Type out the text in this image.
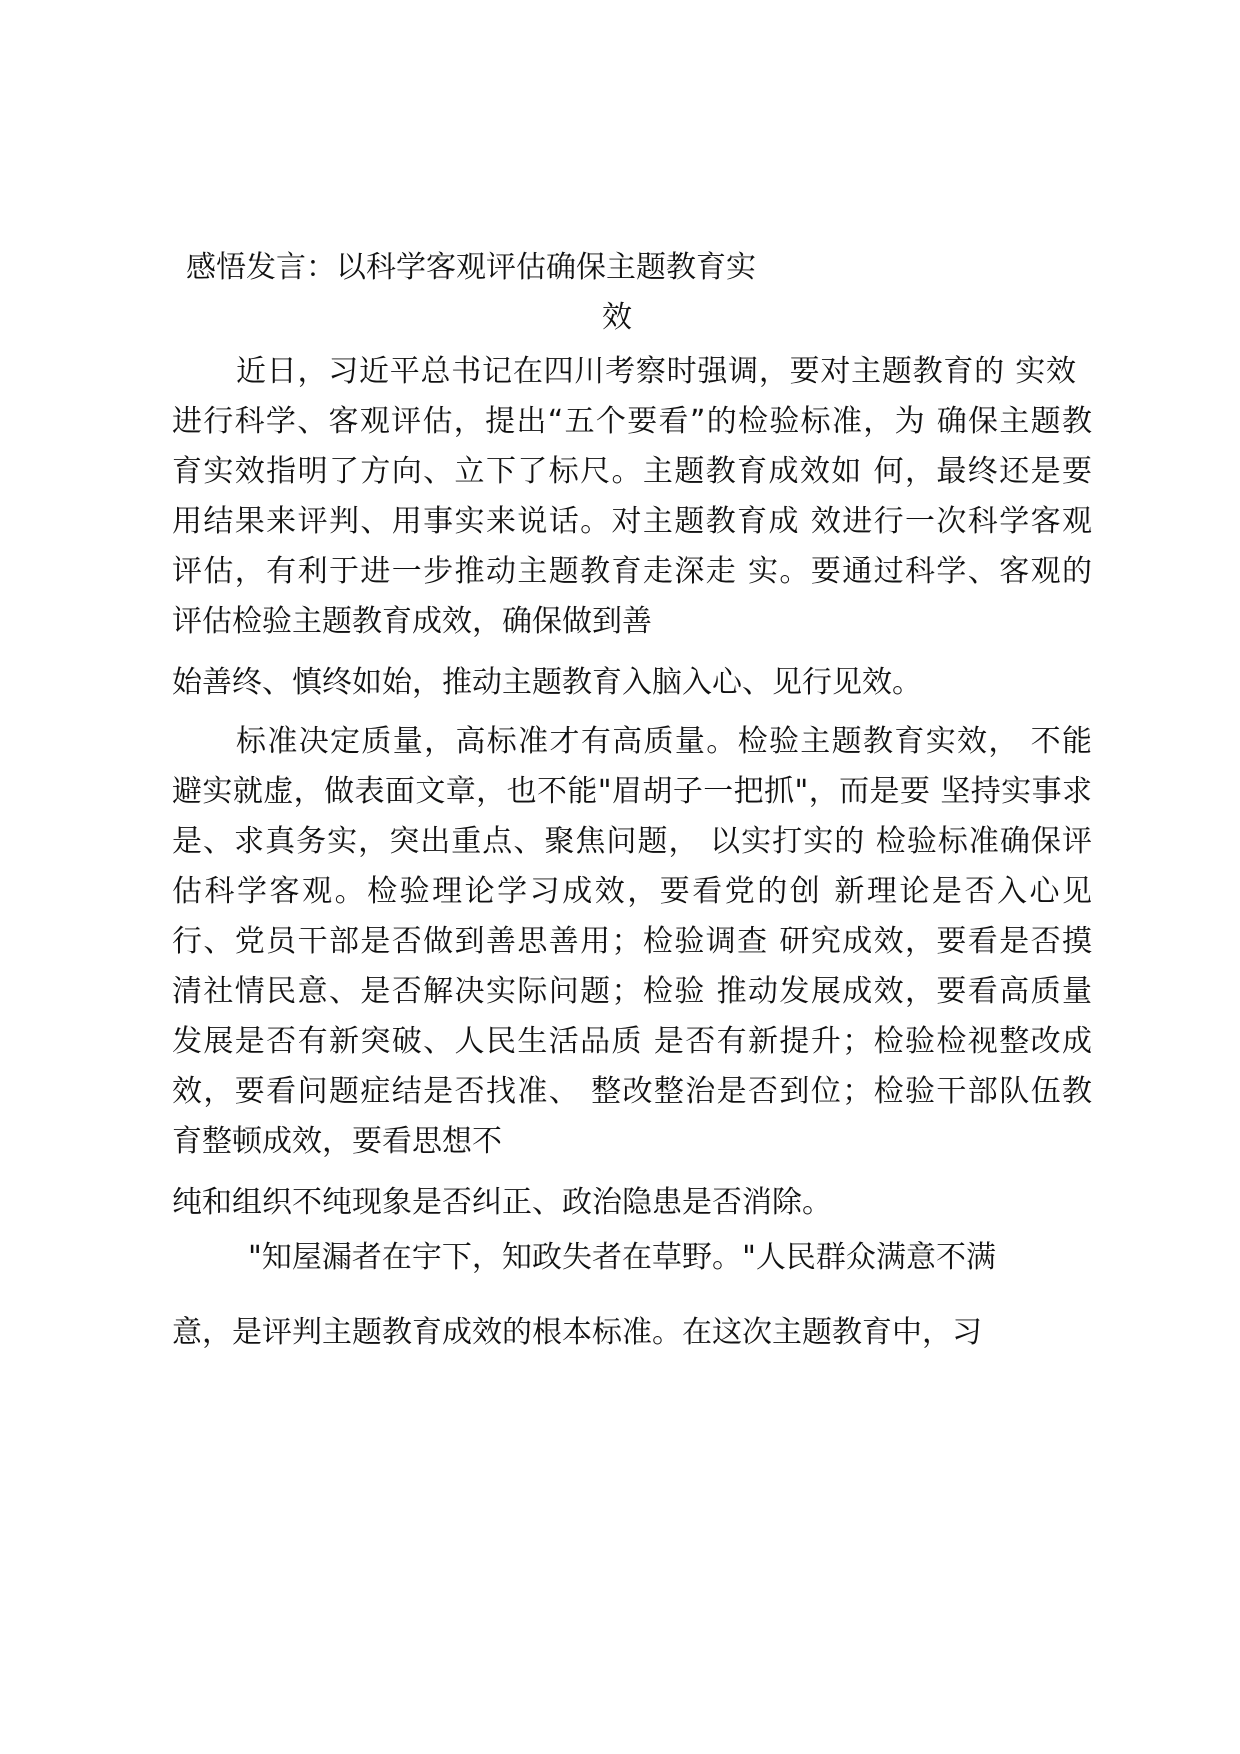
感悟发言：以科学客观评估确保主题教育实
效
近日，习近平总书记在四川考察时强调，要对主题教育的 实效
进行科学、客观评估，提出“五个要看”的检验标准，为 确保主题教
育实效指明了方向、立下了标尺。主题教育成效如 何，最终还是要
用结果来评判、用事实来说话。对主题教育成 效进行一次科学客观
评估，有利于进一步推动主题教育走深走 实。要通过科学、客观的
评估检验主题教育成效，确保做到善
始善终、慎终如始，推动主题教育入脑入心、见行见效。
标准决定质量，高标准才有高质量。检验主题教育实效， 不能
避实就虚，做表面文章，也不能"眉胡子一把抓"，而是要 坚持实事求
是、求真务实，突出重点、聚焦问题， 以实打实的 检验标准确保评
估科学客观。检验理论学习成效，要看党的创 新理论是否入心见
行、党员干部是否做到善思善用；检验调查 研究成效，要看是否摸
清社情民意、是否解决实际问题；检验 推动发展成效，要看高质量
发展是否有新突破、人民生活品质 是否有新提升；检验检视整改成
效，要看问题症结是否找准、 整改整治是否到位；检验干部队伍教
育整顿成效，要看思想不
纯和组织不纯现象是否纠正、政治隐患是否消除。
"知屋漏者在宇下，知政失者在草野。"人民群众满意不满
意，是评判主题教育成效的根本标准。在这次主题教育中，习
